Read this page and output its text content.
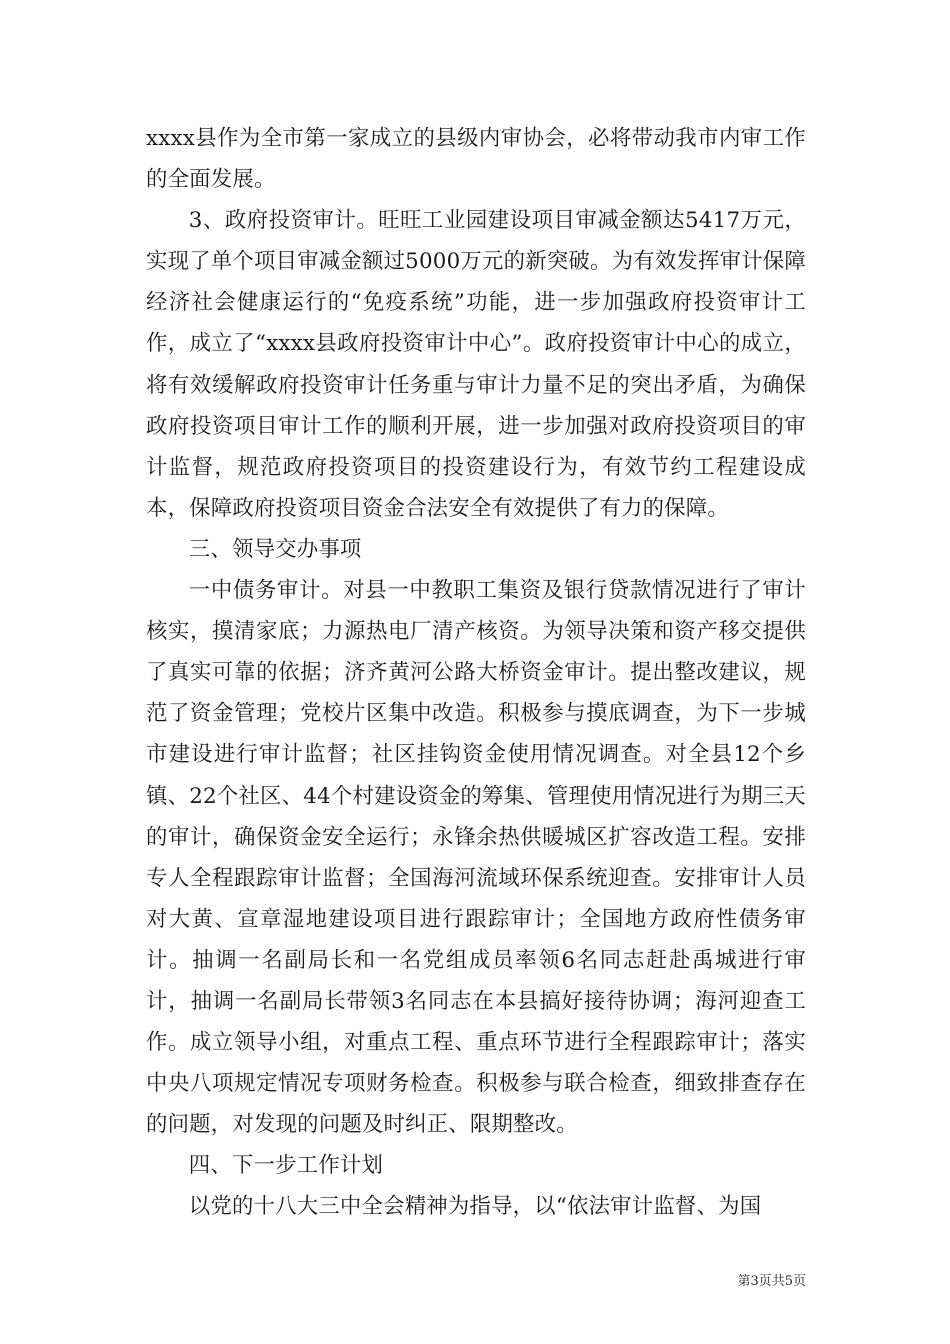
xxxx县作为全市第一家成立的县级内审协会，必将带动我市内审工作的全面发展。

3、政府投资审计。旺旺工业园建设项目审减金额达5417万元，实现了单个项目审减金额过5000万元的新突破。为有效发挥审计保障经济社会健康运行的“免疫系统”功能，进一步加强政府投资审计工作，成立了“xxxx县政府投资审计中心”。政府投资审计中心的成立，将有效缓解政府投资审计任务重与审计力量不足的突出矛盾，为确保政府投资项目审计工作的顺利开展，进一步加强对政府投资项目的审计监督，规范政府投资项目的投资建设行为，有效节约工程建设成本，保障政府投资项目资金合法安全有效提供了有力的保障。

三、领导交办事项

一中债务审计。对县一中教职工集资及银行贷款情况进行了审计核实，摸清家底；力源热电厂清产核资。为领导决策和资产移交提供了真实可靠的依据；济齐黄河公路大桥资金审计。提出整改建议，规范了资金管理；党校片区集中改造。积极参与摸底调查，为下一步城市建设进行审计监督；社区挂钩资金使用情况调查。对全县12个乡镇、22个社区、44个村建设资金的筹集、管理使用情况进行为期三天的审计，确保资金安全运行；永锋余热供暖城区扩容改造工程。安排专人全程跟踪审计监督；全国海河流域环保系统迎查。安排审计人员对大黄、宣章湿地建设项目进行跟踪审计；全国地方政府性债务审计。抽调一名副局长和一名党组成员率领6名同志赶赴禹城进行审计，抽调一名副局长带领3名同志在本县搞好接待协调；海河迎查工作。成立领导小组，对重点工程、重点环节进行全程跟踪审计；落实中央八项规定情况专项财务检查。积极参与联合检查，细致排查存在的问题，对发现的问题及时纠正、限期整改。

四、下一步工作计划

以党的十八大三中全会精神为指导，以“依法审计监督、为国

第3页共5页
